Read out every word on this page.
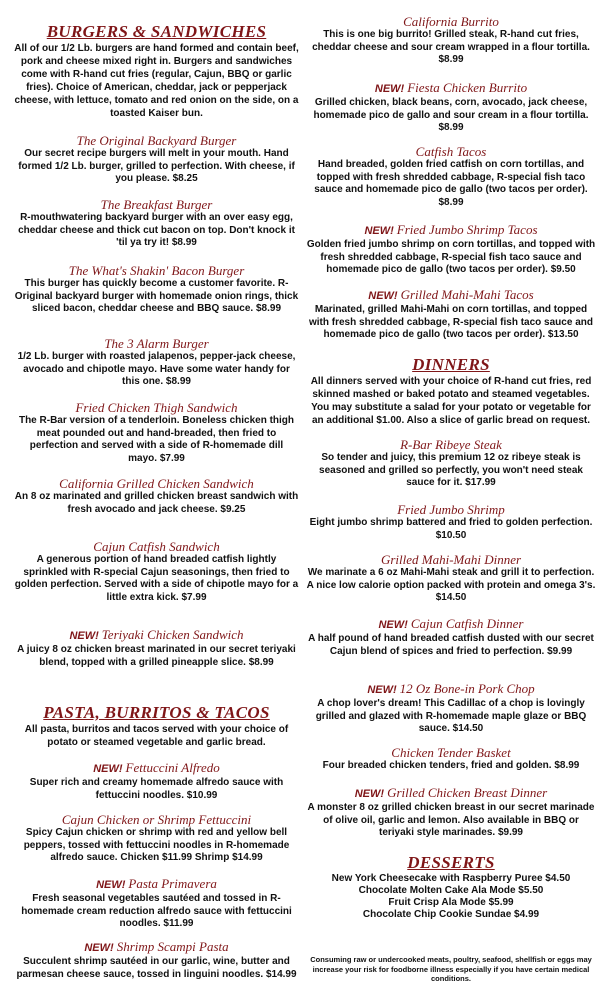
BURGERS & SANDWICHES

All of our 1/2 Lb. burgers are hand formed and contain beef, pork and cheese mixed right in. Burgers and sandwiches come with R-hand cut fries (regular, Cajun, BBQ or garlic fries). Choice of American, cheddar, jack or pepperjack cheese, with lettuce, tomato and red onion on the side, on a toasted Kaiser bun.

The Original Backyard Burger

Our secret recipe burgers will melt in your mouth. Hand formed 1/2 Lb. burger, grilled to perfection. With cheese, if you please. $8.25

The Breakfast Burger

R-mouthwatering backyard burger with an over easy egg, cheddar cheese and thick cut bacon on top. Don't knock it 'til ya try it! $8.99

The What's Shakin' Bacon Burger

This burger has quickly become a customer favorite. R-Original backyard burger with homemade onion rings, thick sliced bacon, cheddar cheese and BBQ sauce. $8.99

The 3 Alarm Burger

1/2 Lb. burger with roasted jalapenos, pepper-jack cheese, avocado and chipotle mayo. Have some water handy for this one. $8.99

Fried Chicken Thigh Sandwich

The R-Bar version of a tenderloin. Boneless chicken thigh meat pounded out and hand-breaded, then fried to perfection and served with a side of R-homemade dill mayo. $7.99

California Grilled Chicken Sandwich

An 8 oz marinated and grilled chicken breast sandwich with fresh avocado and jack cheese. $9.25

Cajun Catfish Sandwich

A generous portion of hand breaded catfish lightly sprinkled with R-special Cajun seasonings, then fried to golden perfection. Served with a side of chipotle mayo for a little extra kick. $7.99

NEW! Teriyaki Chicken Sandwich

A juicy 8 oz chicken breast marinated in our secret teriyaki blend, topped with a grilled pineapple slice. $8.99

PASTA, BURRITOS & TACOS

All pasta, burritos and tacos served with your choice of potato or steamed vegetable and garlic bread.

NEW! Fettuccini Alfredo

Super rich and creamy homemade alfredo sauce with fettuccini noodles. $10.99

Cajun Chicken or Shrimp Fettuccini

Spicy Cajun chicken or shrimp with red and yellow bell peppers, tossed with fettuccini noodles in R-homemade alfredo sauce. Chicken $11.99 Shrimp $14.99

NEW! Pasta Primavera

Fresh seasonal vegetables sautéed and tossed in R-homemade cream reduction alfredo sauce with fettuccini noodles. $11.99

NEW! Shrimp Scampi Pasta

Succulent shrimp sautéed in our garlic, wine, butter and parmesan cheese sauce, tossed in linguini noodles. $14.99

California Burrito

This is one big burrito! Grilled steak, R-hand cut fries, cheddar cheese and sour cream wrapped in a flour tortilla. $8.99

NEW! Fiesta Chicken Burrito

Grilled chicken, black beans, corn, avocado, jack cheese, homemade pico de gallo and sour cream in a flour tortilla. $8.99

Catfish Tacos

Hand breaded, golden fried catfish on corn tortillas, and topped with fresh shredded cabbage, R-special fish taco sauce and homemade pico de gallo (two tacos per order). $8.99

NEW! Fried Jumbo Shrimp Tacos

Golden fried jumbo shrimp on corn tortillas, and topped with fresh shredded cabbage, R-special fish taco sauce and homemade pico de gallo (two tacos per order). $9.50

NEW! Grilled Mahi-Mahi Tacos

Marinated, grilled Mahi-Mahi on corn tortillas, and topped with fresh shredded cabbage, R-special fish taco sauce and homemade pico de gallo (two tacos per order). $13.50

DINNERS

All dinners served with your choice of R-hand cut fries, red skinned mashed or baked potato and steamed vegetables. You may substitute a salad for your potato or vegetable for an additional $1.00. Also a slice of garlic bread on request.

R-Bar Ribeye Steak

So tender and juicy, this premium 12 oz ribeye steak is seasoned and grilled so perfectly, you won't need steak sauce for it. $17.99

Fried Jumbo Shrimp

Eight jumbo shrimp battered and fried to golden perfection. $10.50

Grilled Mahi-Mahi Dinner

We marinate a 6 oz Mahi-Mahi steak and grill it to perfection. A nice low calorie option packed with protein and omega 3's. $14.50

NEW! Cajun Catfish Dinner

A half pound of hand breaded catfish dusted with our secret Cajun blend of spices and fried to perfection. $9.99

NEW! 12 Oz Bone-in Pork Chop

A chop lover's dream! This Cadillac of a chop is lovingly grilled and glazed with R-homemade maple glaze or BBQ sauce. $14.50

Chicken Tender Basket

Four breaded chicken tenders, fried and golden. $8.99

NEW! Grilled Chicken Breast Dinner

A monster 8 oz grilled chicken breast in our secret marinade of olive oil, garlic and lemon. Also available in BBQ or teriyaki style marinades. $9.99

DESSERTS

New York Cheesecake with Raspberry Puree $4.50

Chocolate Molten Cake Ala Mode $5.50

Fruit Crisp Ala Mode $5.99

Chocolate Chip Cookie Sundae $4.99

Consuming raw or undercooked meats, poultry, seafood, shellfish or eggs may increase your risk for foodborne illness especially if you have certain medical conditions.
